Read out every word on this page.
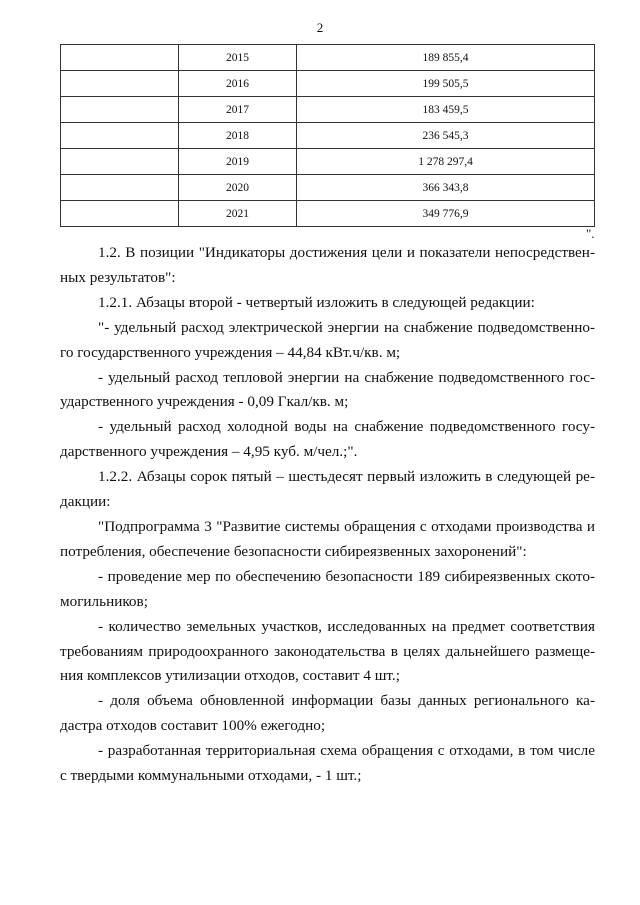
2
	2015	189 855,4
	2016	199 505,5
	2017	183 459,5
	2018	236 545,3
	2019	1 278 297,4
	2020	366 343,8
	2021	349 776,9
".

1.2. В позиции "Индикаторы достижения цели и показатели непосредственных результатов":

1.2.1. Абзацы второй - четвертый изложить в следующей редакции:

"- удельный расход электрической энергии на снабжение подведомственного государственного учреждения – 44,84 кВт.ч/кв. м;

- удельный расход тепловой энергии на снабжение подведомственного государственного учреждения - 0,09 Гкал/кв. м;

- удельный расход холодной воды на снабжение подведомственного государственного учреждения – 4,95 куб. м/чел.;".

1.2.2. Абзацы сорок пятый – шестьдесят первый изложить в следующей редакции:

"Подпрограмма 3 "Развитие системы обращения с отходами производства и потребления, обеспечение безопасности сибиреязвенных захоронений":

- проведение мер по обеспечению безопасности 189 сибиреязвенных скотомогильников;

- количество земельных участков, исследованных на предмет соответствия требованиям природоохранного законодательства в целях дальнейшего размещения комплексов утилизации отходов, составит 4 шт.;

- доля объема обновленной информации базы данных регионального кадастра отходов составит 100% ежегодно;

- разработанная территориальная схема обращения с отходами, в том числе с твердыми коммунальными отходами, - 1 шт.;
